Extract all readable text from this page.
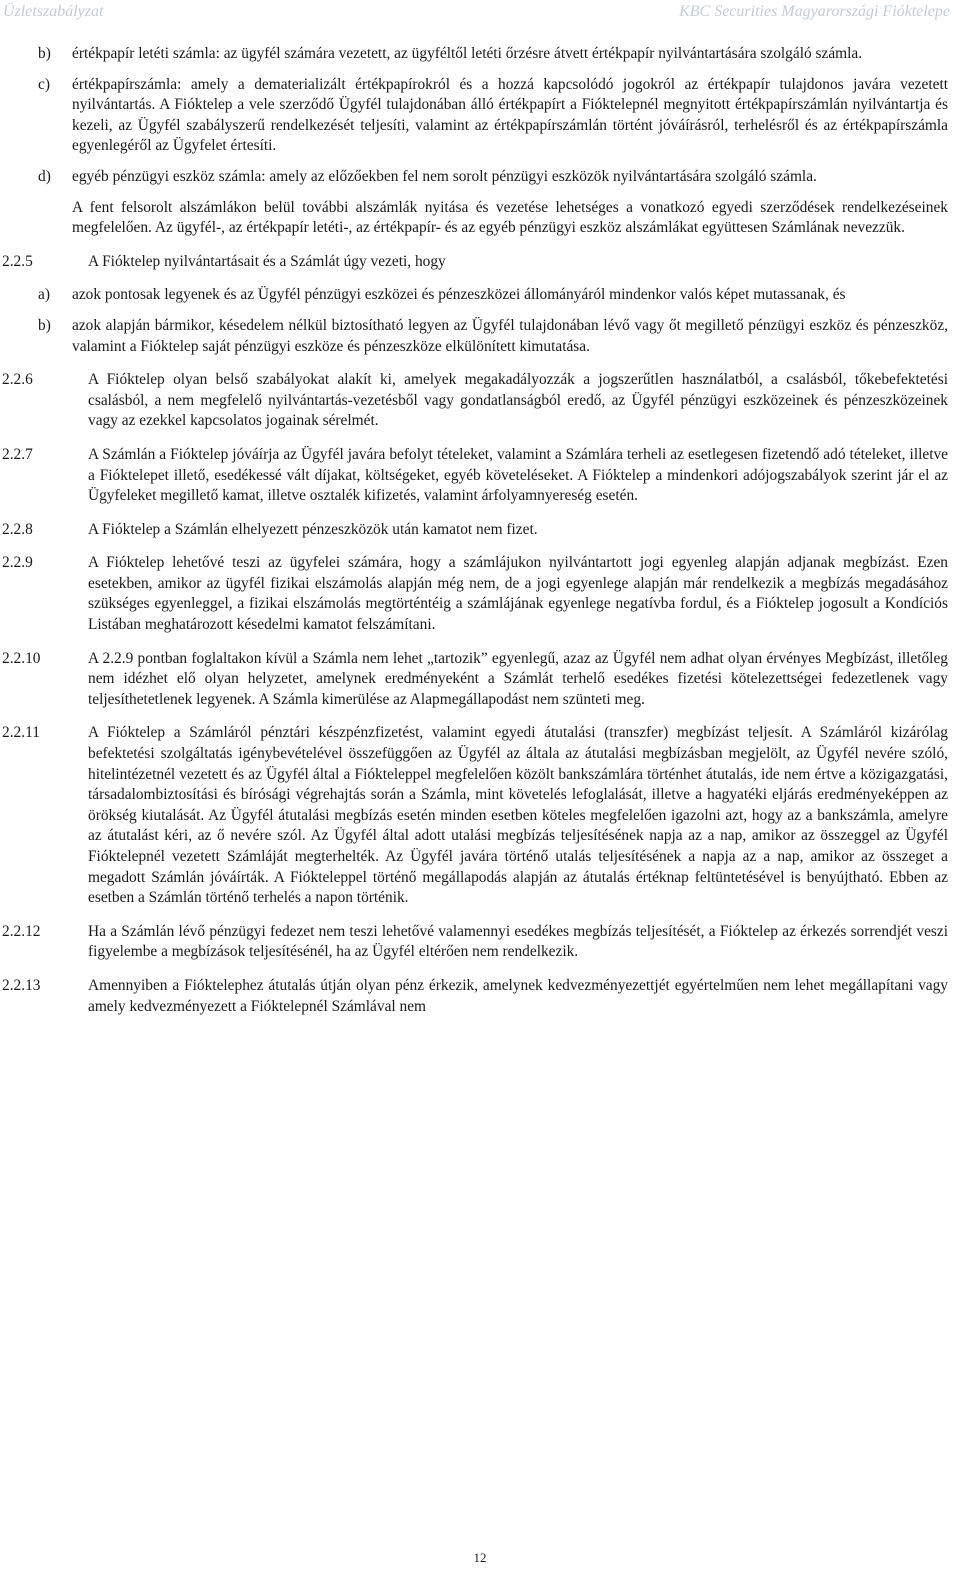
Üzletszabályzat	KBC Securities Magyarországi Fióktelepe
b)	értékpapír letéti számla: az ügyfél számára vezetett, az ügyféltől letéti őrzésre átvett értékpapír nyilvántartására szolgáló számla.
c)	értékpapírszámla: amely a dematerializált értékpapírokról és a hozzá kapcsolódó jogokról az értékpapír tulajdonos javára vezetett nyilvántartás. A Fióktelep a vele szerződő Ügyfél tulajdonában álló értékpapírt a Fióktelepnél megnyitott értékpapírszámlán nyilvántartja és kezeli, az Ügyfél szabályszerű rendelkezését teljesíti, valamint az értékpapírszámlán történt jóváírásról, terhelésről és az értékpapírszámla egyenlegéről az Ügyfelet értesíti.
d)	egyéb pénzügyi eszköz számla: amely az előzőekben fel nem sorolt pénzügyi eszközök nyilvántartására szolgáló számla.
A fent felsorolt alszámlákon belül további alszámlák nyitása és vezetése lehetséges a vonatkozó egyedi szerződések rendelkezéseinek megfelelően. Az ügyfél-, az értékpapír letéti-, az értékpapír- és az egyéb pénzügyi eszköz alszámlákat együttesen Számlának nevezzük.
2.2.5	A Fióktelep nyilvántartásait és a Számlát úgy vezeti, hogy
a)	azok pontosak legyenek és az Ügyfél pénzügyi eszközei és pénzeszközei állományáról mindenkor valós képet mutassanak, és
b)	azok alapján bármikor, késedelem nélkül biztosítható legyen az Ügyfél tulajdonában lévő vagy őt megillető pénzügyi eszköz és pénzeszköz, valamint a Fióktelep saját pénzügyi eszköze és pénzeszköze elkülönített kimutatása.
2.2.6	A Fióktelep olyan belső szabályokat alakít ki, amelyek megakadályozzák a jogszerűtlen használatból, a csalásból, tőkebefektetési csalásból, a nem megfelelő nyilvántartás-vezetésből vagy gondatlanságból eredő, az Ügyfél pénzügyi eszközeinek és pénzeszközeinek vagy az ezekkel kapcsolatos jogainak sérelmét.
2.2.7	A Számlán a Fióktelep jóváírja az Ügyfél javára befolyt tételeket, valamint a Számlára terheli az esetlegesen fizetendő adó tételeket, illetve a Fióktelepet illető, esedékessé vált díjakat, költségeket, egyéb követeléseket. A Fióktelep a mindenkori adójogszabályok szerint jár el az Ügyfeleket megillető kamat, illetve osztalék kifizetés, valamint árfolyamnyereség esetén.
2.2.8	A Fióktelep a Számlán elhelyezett pénzeszközök után kamatot nem fizet.
2.2.9	A Fióktelep lehetővé teszi az ügyfelei számára, hogy a számlájukon nyilvántartott jogi egyenleg alapján adjanak megbízást. Ezen esetekben, amikor az ügyfél fizikai elszámolás alapján még nem, de a jogi egyenlege alapján már rendelkezik a megbízás megadásához szükséges egyenleggel, a fizikai elszámolás megtörténtéig a számlájának egyenlege negatívba fordul, és a Fióktelep jogosult a Kondíciós Listában meghatározott késedelmi kamatot felszámítani.
2.2.10	A 2.2.9 pontban foglaltakon kívül a Számla nem lehet „tartozik” egyenlegű, azaz az Ügyfél nem adhat olyan érvényes Megbízást, illetőleg nem idézhet elő olyan helyzetet, amelynek eredményeként a Számlát terhelő esedékes fizetési kötelezettségei fedezetlenek vagy teljesíthetetlenek legyenek. A Számla kimerülése az Alapmegállapodást nem szünteti meg.
2.2.11	A Fióktelep a Számláról pénztári készpénzfizetést, valamint egyedi átutalási (transzfer) megbízást teljesít. A Számláról kizárólag befektetési szolgáltatás igénybevételével összefüggően az Ügyfél az általa az átutalási megbízásban megjelölt, az Ügyfél nevére szóló, hitelintézetnél vezetett és az Ügyfél által a Fiókteleppel megfelelően közölt bankszámlára történhet átutalás, ide nem értve a közigazgatási, társadalombiztosítási és bírósági végrehajtás során a Számla, mint követelés lefoglalását, illetve a hagyatéki eljárás eredményeképpen az örökség kiutalását. Az Ügyfél átutalási megbízás esetén minden esetben köteles megfelelően igazolni azt, hogy az a bankszámla, amelyre az átutalást kéri, az ő nevére szól. Az Ügyfél által adott utalási megbízás teljesítésének napja az a nap, amikor az összeggel az Ügyfél Fióktelepnél vezetett Számláját megterhelték. Az Ügyfél javára történő utalás teljesítésének a napja az a nap, amikor az összeget a megadott Számlán jóváírták. A Fiókteleppel történő megállapodás alapján az átutalás értéknap feltüntetésével is benyújtható. Ebben az esetben a Számlán történő terhelés a napon történik.
2.2.12	Ha a Számlán lévő pénzügyi fedezet nem teszi lehetővé valamennyi esedékes megbízás teljesítését, a Fióktelep az érkezés sorrendjét veszi figyelembe a megbízások teljesítésénél, ha az Ügyfél eltérően nem rendelkezik.
2.2.13	Amennyiben a Fióktelephez átutalás útján olyan pénz érkezik, amelynek kedvezményezettjét egyértelműen nem lehet megállapítani vagy amely kedvezményezett a Fióktelepnél Számlával nem
12
